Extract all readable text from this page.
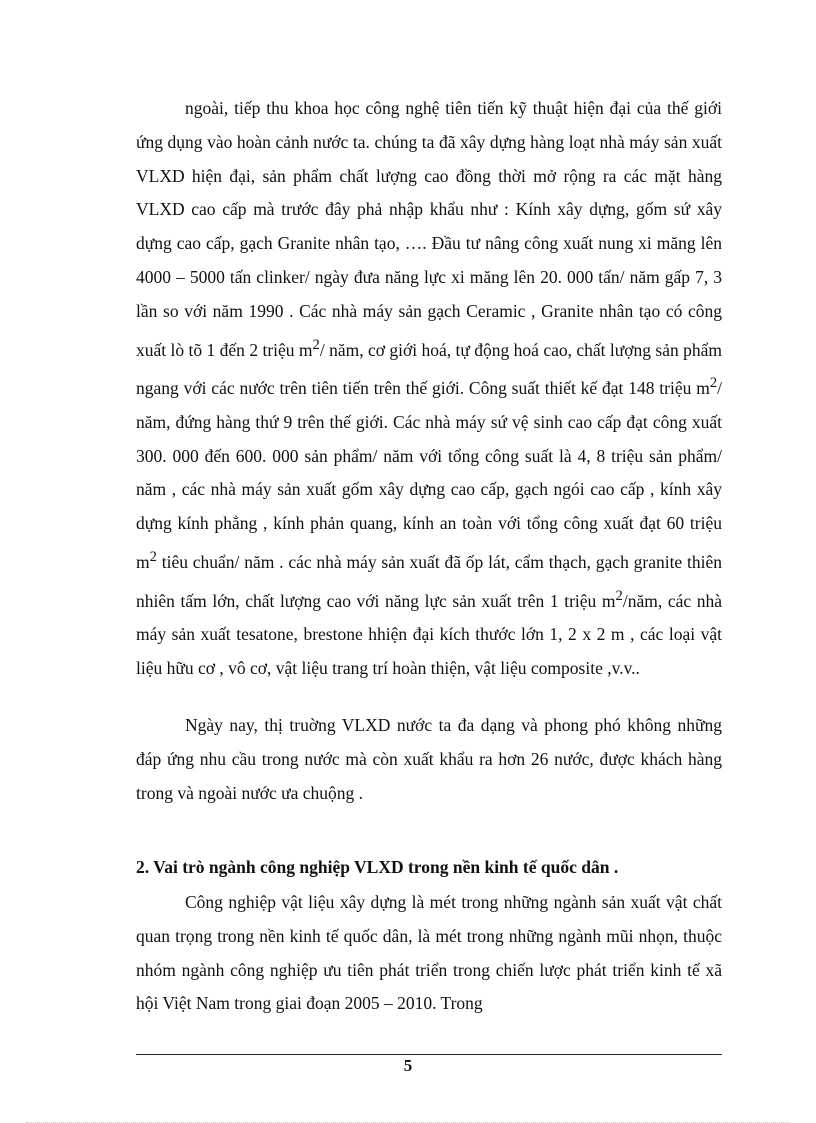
ngoài, tiếp thu khoa học công nghệ tiên tiến kỹ thuật hiện đại của thế giới ứng dụng vào hoàn cảnh nước ta. chúng ta đã xây dựng hàng loạt nhà máy sản xuất VLXD hiện đại, sản phẩm chất lượng cao đồng thời mở rộng ra các mặt hàng VLXD cao cấp mà trước đây phả nhập khẩu như : Kính xây dựng, gốm sứ xây dựng cao cấp, gạch Granite nhân tạo, …. Đầu tư nâng công xuất nung xi măng lên 4000 – 5000 tấn clinker/ ngày đưa năng lực xi măng lên 20. 000 tấn/ năm gấp 7, 3 lần so với năm 1990 . Các nhà máy sản gạch Ceramic , Granite nhân tạo có công xuất lò tõ 1 đến 2 triệu $m^2/$ năm, cơ giới hoá, tự động hoá cao, chất lượng sản phẩm ngang với các nước trên tiên tiến trên thế giới. Công suất thiết kế đạt 148 triệu $m^2/$ năm, đứng hàng thứ 9 trên thế giới. Các nhà máy sứ vệ sinh cao cấp đạt công xuất 300. 000 đến 600. 000 sản phẩm/ năm với tổng công suất là 4, 8 triệu sản phẩm/ năm , các nhà máy sản xuất gốm xây dựng cao cấp, gạch ngói cao cấp , kính xây dựng kính phẳng , kính phản quang, kính an toàn với tổng công xuất đạt 60 triệu $m^2$ tiêu chuẩn/ năm . các nhà máy sản xuất đã ốp lát, cẩm thạch, gạch granite thiên nhiên tấm lớn, chất lượng cao với năng lực sản xuất trên 1 triệu $m^2$/năm, các nhà máy sản xuất tesatone, brestone hhiện đại kích thước lớn 1, 2 x 2 m , các loại vật liệu hữu cơ , vô cơ, vật liệu trang trí hoàn thiện, vật liệu composite ,v.v..
Ngày nay, thị truờng VLXD nước ta đa dạng và phong phó không những đáp ứng nhu cầu trong nước mà còn xuất khẩu ra hơn 26 nước, được khách hàng trong và ngoài nước ưa chuộng .
2. Vai trò ngành công nghiệp VLXD trong nền kinh tế quốc dân .
Công nghiệp vật liệu xây dựng là mét trong những ngành sản xuất vật chất quan trọng trong nền kinh tế quốc dân, là mét trong những ngành mũi nhọn, thuộc nhóm ngành công nghiệp ưu tiên phát triển trong chiến lược phát triển kinh tế xã hội Việt Nam trong giai đoạn 2005 – 2010. Trong
5
